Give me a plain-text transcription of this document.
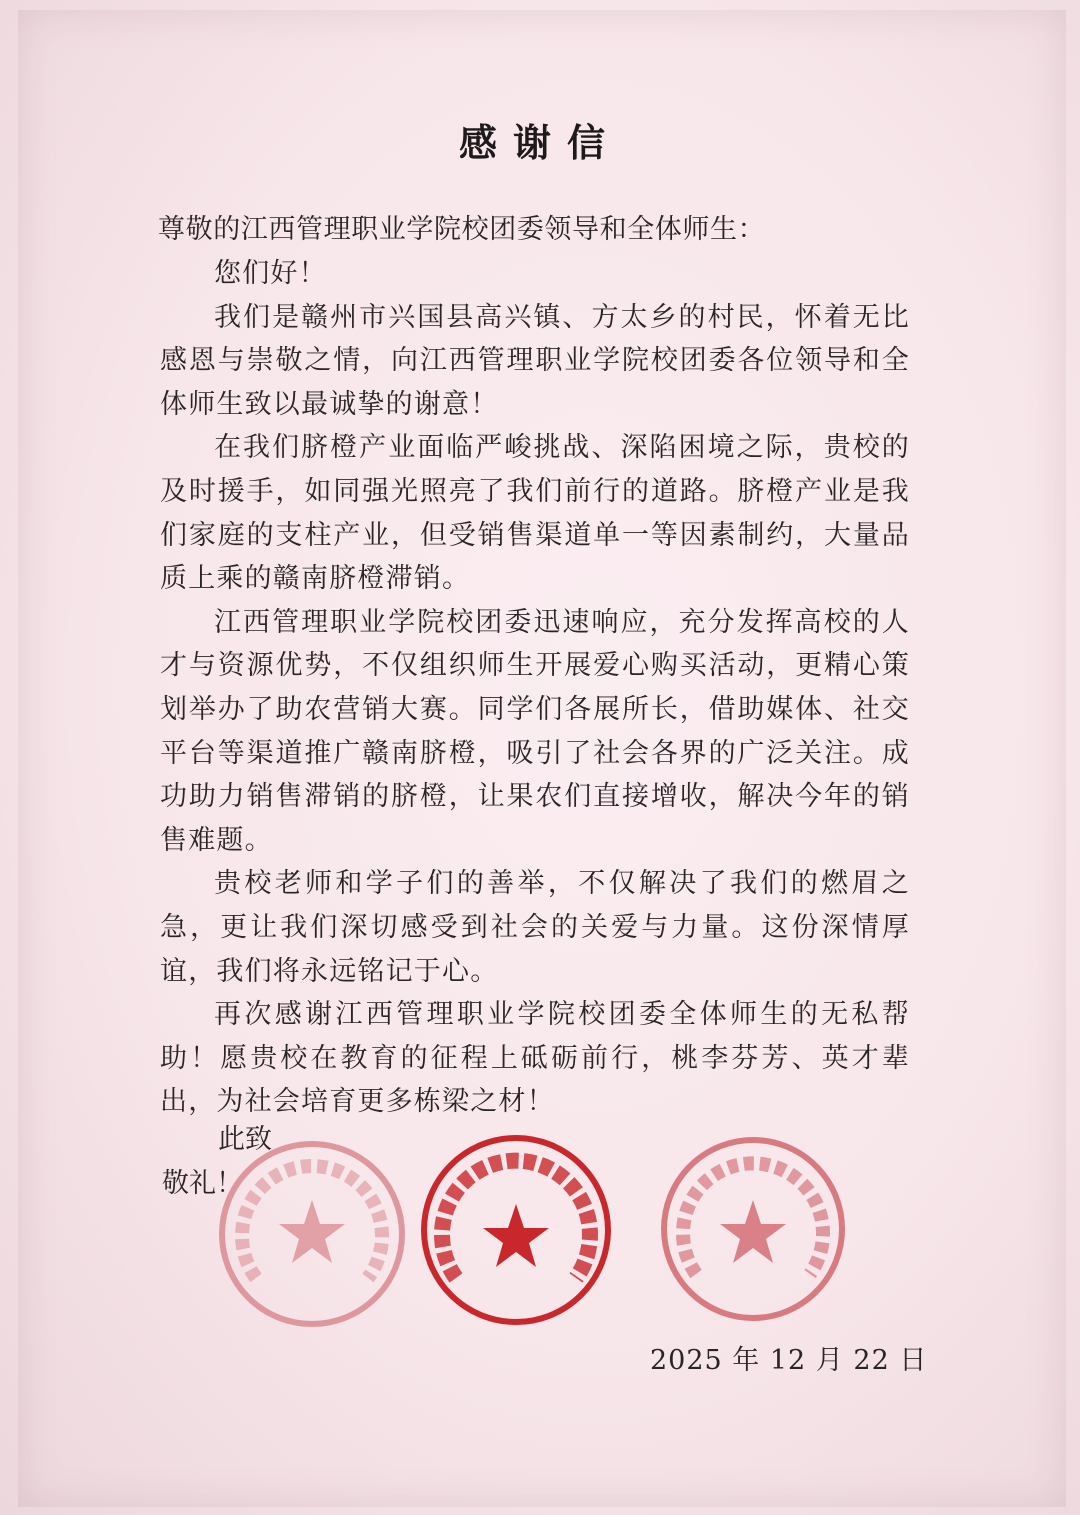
感谢信
尊敬的江西管理职业学院校团委领导和全体师生：

您们好！

我们是赣州市兴国县高兴镇、方太乡的村民，怀着无比感恩与崇敬之情，向江西管理职业学院校团委各位领导和全体师生致以最诚挚的谢意！

在我们脐橙产业面临严峻挑战、深陷困境之际，贵校的及时援手，如同强光照亮了我们前行的道路。脐橙产业是我们家庭的支柱产业，但受销售渠道单一等因素制约，大量品质上乘的赣南脐橙滞销。

江西管理职业学院校团委迅速响应，充分发挥高校的人才与资源优势，不仅组织师生开展爱心购买活动，更精心策划举办了助农营销大赛。同学们各展所长，借助媒体、社交平台等渠道推广赣南脐橙，吸引了社会各界的广泛关注。成功助力销售滞销的脐橙，让果农们直接增收，解决今年的销售难题。

贵校老师和学子们的善举，不仅解决了我们的燃眉之急，更让我们深切感受到社会的关爱与力量。这份深情厚谊，我们将永远铭记于心。

再次感谢江西管理职业学院校团委全体师生的无私帮助！愿贵校在教育的征程上砥砺前行，桃李芬芳、英才辈出，为社会培育更多栋梁之材！

此致
敬礼！
2025 年 12 月 22 日
